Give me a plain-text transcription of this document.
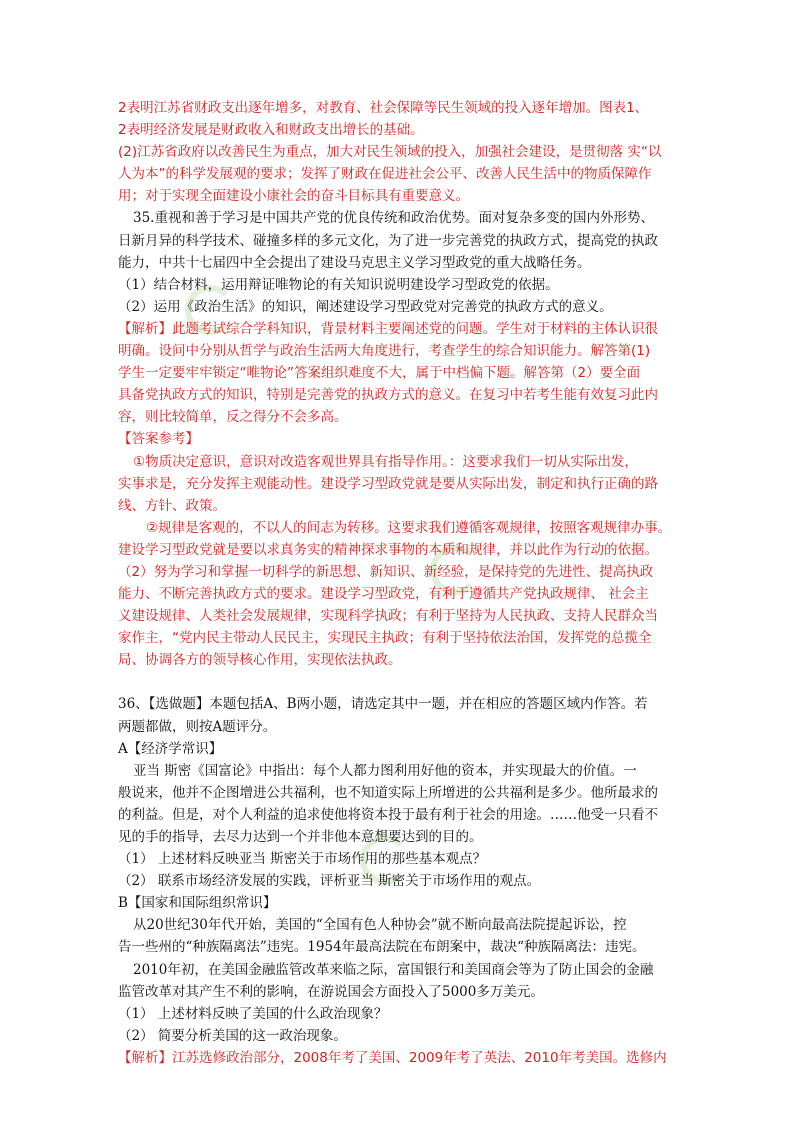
2表明江苏省财政支出逐年增多，对教育、社会保障等民生领域的投入逐年增加。图表1、
2表明经济发展是财政收入和财政支出增长的基础。
(2)江苏省政府以改善民生为重点，加大对民生领域的投入，加强社会建设，是贯彻落 实“以
人为本”的科学发展观的要求；发挥了财政在促进社会公平、改善人民生活中的物质保障作
用；对于实现全面建设小康社会的奋斗目标具有重要意义。
35.重视和善于学习是中国共产党的优良传统和政治优势。面对复杂多变的国内外形势、
日新月异的科学技术、碰撞多样的多元文化，为了进一步完善党的执政方式，提高党的执政
能力，中共十七届四中全会提出了建设马克思主义学习型政党的重大战略任务。
（1）结合材料，运用辩证唯物论的有关知识说明建设学习型政党的依据。
（2）运用《政治生活》的知识，阐述建设学习型政党对完善党的执政方式的意义。
【解析】此题考试综合学科知识，背景材料主要阐述党的问题。学生对于材料的主体认识很
明确。设问中分别从哲学与政治生活两大角度进行，考查学生的综合知识能力。解答第(1)
学生一定要牢牢锁定“唯物论”答案组织难度不大，属于中档偏下题。解答第（2）要全面
具备党执政方式的知识，特别是完善党的执政方式的意义。在复习中若考生能有效复习此内
容，则比较简单，反之得分不会多高。
【答案参考】
①物质决定意识，意识对改造客观世界具有指导作用。：这要求我们一切从实际出发，
实事求是，充分发挥主观能动性。建设学习型政党就是要从实际出发，制定和执行正确的路
线、方针、政策。
②规律是客观的，不以人的间志为转移。这要求我们遵循客观规律，按照客观规律办事。
建设学习型政党就是要以求真务实的精神探求事物的本质和规律，并以此作为行动的依据。
（2）努为学习和掌握一切科学的新思想、新知识、新经验，是保持党的先进性、提高执政
能力、不断完善执政方式的要求。建设学习型政党，有利于遵循共产党执政规律、 社会主
义建设规律、人类社会发展规律，实现科学执政；有利于坚持为人民执政、支持人民群众当
家作主，“党内民主带动人民民主，实现民主执政；有利于坚持依法治国，发挥党的总揽全
局、协调各方的领导核心作用，实现依法执政。
36、【选做题】本题包括A、B两小题，请选定其中一题，并在相应的答题区域内作答。若
两题都做，则按A题评分。
A【经济学常识】
亚当 斯密《国富论》中指出：每个人都力图利用好他的资本，并实现最大的价值。一
般说来，他并不企图增进公共福利，也不知道实际上所增进的公共福利是多少。他所最求的
的利益。但是，对个人利益的追求使他将资本投于最有利于社会的用途。……他受一只看不
见的手的指导，去尽力达到一个并非他本意想要达到的目的。
（1） 上述材料反映亚当 斯密关于市场作用的那些基本观点？
（2） 联系市场经济发展的实践，评析亚当 斯密关于市场作用的观点。
B【国家和国际组织常识】
从20世纪30年代开始，美国的“全国有色人种协会”就不断向最高法院提起诉讼，控
告一些州的“种族隔离法”违宪。1954年最高法院在布朗案中，裁决“种族隔离法：违宪。
2010年初，在美国金融监管改革来临之际，富国银行和美国商会等为了防止国会的金融
监管改革对其产生不利的影响，在游说国会方面投入了5000多万美元。
（1） 上述材料反映了美国的什么政治现象？
（2） 简要分析美国的这一政治现象。
【解析】江苏选修政治部分，2008年考了美国、2009年考了英法、2010年考美国。选修内
